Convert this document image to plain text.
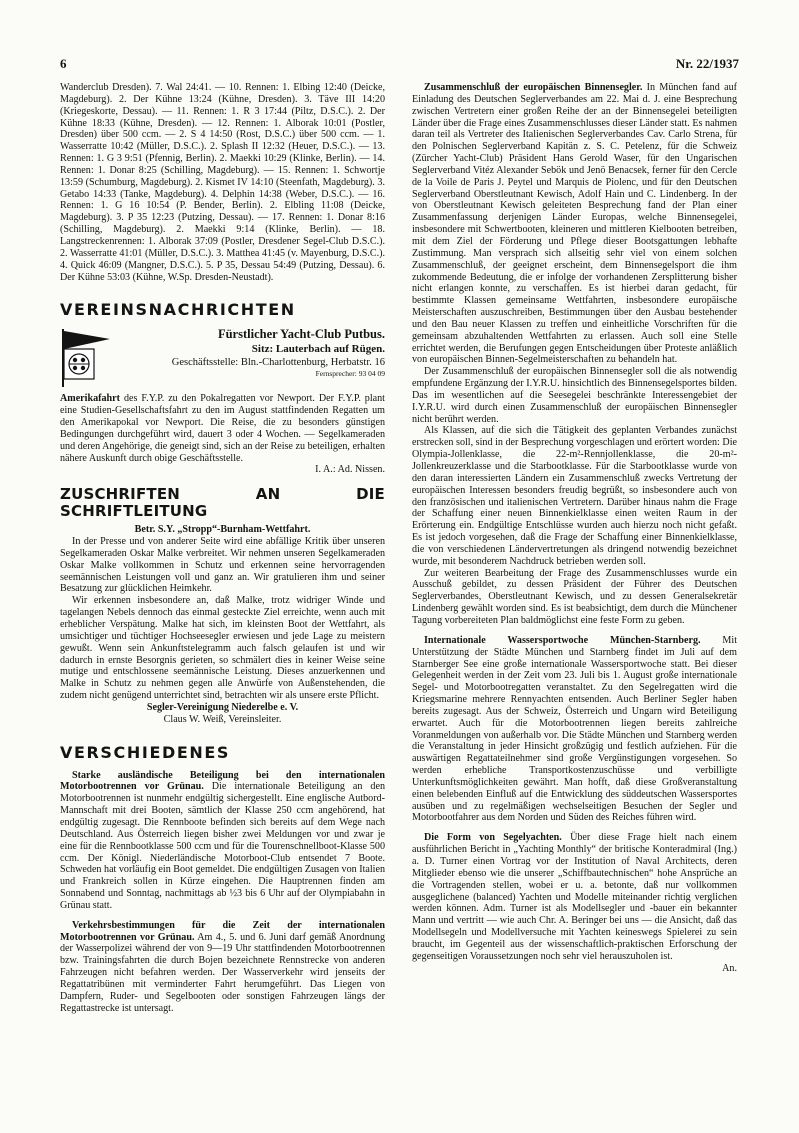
6	Nr. 22/1937

Wanderclub Dresden). 7. Wal 24:41. — 10. Rennen: 1. Elbing 12:40 (Deicke, Magdeburg). 2. Der Kühne 13:24 (Kühne, Dresden). 3. Täve III 14:20 (Kriegeskorte, Dessau). — 11. Rennen: 1. R 3 17:44 (Piltz, D.S.C.). 2. Der Kühne 18:33 (Kühne, Dresden). — 12. Rennen: 1. Alborak 10:01 (Postler, Dresden) über 500 ccm. — 2. S 4 14:50 (Rost, D.S.C.) über 500 ccm. — 1. Wasserratte 10:42 (Müller, D.S.C.). 2. Splash II 12:32 (Heuer, D.S.C.). — 13. Rennen: 1. G 3 9:51 (Pfennig, Berlin). 2. Maekki 10:29 (Klinke, Berlin). — 14. Rennen: 1. Donar 8:25 (Schilling, Magdeburg). — 15. Rennen: 1. Schwortje 13:59 (Schumburg, Magdeburg). 2. Kismet IV 14:10 (Steenfath, Magdeburg). 3. Getabo 14:33 (Tanke, Magdeburg). 4. Delphin 14:38 (Weber, D.S.C.). — 16. Rennen: 1. G 16 10:54 (P. Bender, Berlin). 2. Elbling 11:08 (Deicke, Magdeburg). 3. P 35 12:23 (Putzing, Dessau). — 17. Rennen: 1. Donar 8:16 (Schilling, Magdeburg). 2. Maekki 9:14 (Klinke, Berlin). — 18. Langstreckenrennen: 1. Alborak 37:09 (Postler, Dresdener Segel-Club D.S.C.). 2. Wasserratte 41:01 (Müller, D.S.C.). 3. Matthea 41:45 (v. Mayenburg, D.S.C.). 4. Quick 46:09 (Mangner, D.S.C.). 5. P 35, Dessau 54:49 (Putzing, Dessau). 6. Der Kühne 53:03 (Kühne, W.Sp. Dresden-Neustadt).

VEREINSNACHRICHTEN
Fürstlicher Yacht-Club Putbus.
Sitz: Lauterbach auf Rügen.
Geschäftsstelle: Bln.-Charlottenburg, Herbatstr. 16
Fernsprecher: 93 04 09

Amerikafahrt des F.Y.P. zu den Pokalregatten vor Newport. Der F.Y.P. plant eine Studien-Gesellschaftsfahrt zu den im August stattfindenden Regatten um den Amerikapokal vor Newport. Die Reise, die zu besonders günstigen Bedingungen durchgeführt wird, dauert 3 oder 4 Wochen. — Segelkameraden und deren Angehörige, die geneigt sind, sich an der Reise zu beteiligen, erhalten nähere Auskunft durch obige Geschäftsstelle.

I. A.: Ad. Nissen.

ZUSCHRIFTEN AN DIE SCHRIFTLEITUNG

Betr. S.Y. „Stropp“-Burnham-Wettfahrt.

In der Presse und von anderer Seite wird eine abfällige Kritik über unseren Segelkameraden Oskar Malke verbreitet. Wir nehmen unseren Segelkameraden Oskar Malke vollkommen in Schutz und erkennen seine hervorragenden seemännischen Leistungen voll und ganz an. Wir gratulieren ihm und seiner Besatzung zur glücklichen Heimkehr.

Wir erkennen insbesondere an, daß Malke, trotz widriger Winde und tagelangen Nebels dennoch das einmal gesteckte Ziel erreichte, wenn auch mit erheblicher Verspätung. Malke hat sich, im kleinsten Boot der Wettfahrt, als umsichtiger und tüchtiger Hochseesegler erwiesen und jede Lage zu meistern gewußt. Wenn sein Ankunftstelegramm auch falsch gelaufen ist und wir dadurch in ernste Besorgnis gerieten, so schmälert dies in keiner Weise seine mutige und entschlossene seemännische Leistung. Dieses anzuerkennen und Malke in Schutz zu nehmen gegen alle Anwürfe von Außenstehenden, die zudem nicht genügend unterrichtet sind, betrachten wir als unsere erste Pflicht.

Segler-Vereinigung Niederelbe e. V.

Claus W. Weiß, Vereinsleiter.

VERSCHIEDENES

Starke ausländische Beteiligung bei den internationalen Motorbootrennen vor Grünau. Die internationale Beteiligung an den Motorbootrennen ist nunmehr endgültig sichergestellt. Eine englische Autbord-Mannschaft mit drei Booten, sämtlich der Klasse 250 ccm angehörend, hat endgültig zugesagt. Die Rennboote befinden sich bereits auf dem Wege nach Deutschland. Aus Österreich liegen bisher zwei Meldungen vor und zwar je eine für die Rennbootklasse 500 ccm und für die Tourenschnellboot-Klasse 500 ccm. Der Königl. Niederländische Motorboot-Club entsendet 7 Boote. Schweden hat vorläufig ein Boot gemeldet. Die endgültigen Zusagen von Italien und Frankreich sollen in Kürze eingehen. Die Hauptrennen finden am Sonnabend und Sonntag, nachmittags ab ½3 bis 6 Uhr auf der Olympiabahn in Grünau statt.

Verkehrsbestimmungen für die Zeit der internationalen Motorbootrennen vor Grünau. Am 4., 5. und 6. Juni darf gemäß Anordnung der Wasserpolizei während der von 9—19 Uhr stattfindenden Motorbootrennen bzw. Trainingsfahrten die durch Bojen bezeichnete Rennstrecke von anderen Fahrzeugen nicht befahren werden. Der Wasserverkehr wird jenseits der Regattatribünen mit verminderter Fahrt herumgeführt. Das Liegen von Dampfern, Ruder- und Segelbooten oder sonstigen Fahrzeugen längs der Regattastrecke ist untersagt.

Zusammenschluß der europäischen Binnensegler. In München fand auf Einladung des Deutschen Seglerverbandes am 22. Mai d. J. eine Besprechung zwischen Vertretern einer großen Reihe der an der Binnensegelei beteiligten Länder über die Frage eines Zusammenschlusses dieser Länder statt. Es nahmen daran teil als Vertreter des Italienischen Seglerverbandes Cav. Carlo Strena, für den Polnischen Seglerverband Kapitän z. S. C. Petelenz, für die Schweiz (Zürcher Yacht-Club) Präsident Hans Gerold Waser, für den Ungarischen Seglerverband Vitéz Alexander Sebök und Jenö Benacsek, ferner für den Cercle de la Voile de Paris J. Peytel und Marquis de Piolenc, und für den Deutschen Seglerverband Oberstleutnant Kewisch, Adolf Hain und C. Lindenberg. In der von Oberstleutnant Kewisch geleiteten Besprechung fand der Plan einer Zusammenfassung derjenigen Länder Europas, welche Binnensegelei, insbesondere mit Schwertbooten, kleineren und mittleren Kielbooten betreiben, mit dem Ziel der Förderung und Pflege dieser Bootsgattungen lebhafte Zustimmung. Man versprach sich allseitig sehr viel von einem solchen Zusammenschluß, der geeignet erscheint, dem Binnensegelsport die ihm zukommende Bedeutung, die er infolge der vorhandenen Zersplitterung bisher nicht erlangen konnte, zu verschaffen. Es ist hierbei daran gedacht, für bestimmte Klassen gemeinsame Wettfahrten, insbesondere europäische Meisterschaften auszuschreiben, Bestimmungen über den Ausbau bestehender und den Bau neuer Klassen zu treffen und einheitliche Vorschriften für die gemeinsam abzuhaltenden Wettfahrten zu erlassen. Auch soll eine Stelle errichtet werden, die Berufungen gegen Entscheidungen über Proteste anläßlich von europäischen Binnen-Segelmeisterschaften zu behandeln hat.

Der Zusammenschluß der europäischen Binnensegler soll die als notwendig empfundene Ergänzung der I.Y.R.U. hinsichtlich des Binnensegelsportes bilden. Das im wesentlichen auf die Seesegelei beschränkte Interessengebiet der I.Y.R.U. wird durch einen Zusammenschluß der europäischen Binnensegler nicht berührt werden.

Als Klassen, auf die sich die Tätigkeit des geplanten Verbandes zunächst erstrecken soll, sind in der Besprechung vorgeschlagen und erörtert worden: Die Olympia-Jollenklasse, die 22-m²-Rennjollenklasse, die 20-m²-Jollenkreuzerklasse und die Starbootklasse. Für die Starbootklasse wurde von den daran interessierten Ländern ein Zusammenschluß zwecks Vertretung der europäischen Interessen besonders freudig begrüßt, so insbesondere auch von den französischen und italienischen Vertretern. Darüber hinaus nahm die Frage der Schaffung einer neuen Binnenkielklasse einen weiten Raum in der Erörterung ein. Endgültige Entschlüsse wurden auch hierzu noch nicht gefaßt. Es ist jedoch vorgesehen, daß die Frage der Schaffung einer Binnenkielklasse, die von verschiedenen Ländervertretungen als dringend notwendig bezeichnet wurde, mit besonderem Nachdruck betrieben werden soll.

Zur weiteren Bearbeitung der Frage des Zusammenschlusses wurde ein Ausschuß gebildet, zu dessen Präsident der Führer des Deutschen Seglerverbandes, Oberstleutnant Kewisch, und zu dessen Generalsekretär Lindenberg gewählt worden sind. Es ist beabsichtigt, dem durch die Münchener Tagung vorbereiteten Plan baldmöglichst eine feste Form zu geben.

Internationale Wassersportwoche München-Starnberg. Mit Unterstützung der Städte München und Starnberg findet im Juli auf dem Starnberger See eine große internationale Wassersportwoche statt. Bei dieser Gelegenheit werden in der Zeit vom 23. Juli bis 1. August große internationale Segel- und Motorbootregatten veranstaltet. Zu den Segelregatten wird die Kriegsmarine mehrere Rennyachten entsenden. Auch Berliner Segler haben bereits zugesagt. Aus der Schweiz, Österreich und Ungarn wird Beteiligung erwartet. Auch für die Motorbootrennen liegen bereits zahlreiche Voranmeldungen von außerhalb vor. Die Städte München und Starnberg werden die Veranstaltung in jeder Hinsicht großzügig und festlich aufziehen. Für die auswärtigen Regattateilnehmer sind große Vergünstigungen vorgesehen. So werden erhebliche Transportkostenzuschüsse und verbilligte Unterkunftsmöglichkeiten gewährt. Man hofft, daß diese Großveranstaltung einen belebenden Einfluß auf die Entwicklung des süddeutschen Wassersportes ausüben und zu regelmäßigen wechselseitigen Besuchen der Segler und Motorbootfahrer aus dem Norden und Süden des Reiches führen wird.

Die Form von Segelyachten. Über diese Frage hielt nach einem ausführlichen Bericht in „Yachting Monthly“ der britische Konteradmiral (Ing.) a. D. Turner einen Vortrag vor der Institution of Naval Architects, deren Mitglieder ebenso wie die unserer „Schiffbautechnischen“ hohe Ansprüche an die Vortragenden stellen, wobei er u. a. betonte, daß nur vollkommen ausgeglichene (balanced) Yachten und Modelle miteinander richtig verglichen werden können. Adm. Turner ist als Modellsegler und -bauer ein bekannter Mann und vertritt — wie auch Chr. A. Beringer bei uns — die Ansicht, daß das Modellsegeln und Modellversuche mit Yachten keineswegs Spielerei zu sein braucht, im Gegenteil aus der wissenschaftlich-praktischen Erforschung der gegenseitigen Voraussetzungen noch sehr viel herauszuholen ist.

An.
